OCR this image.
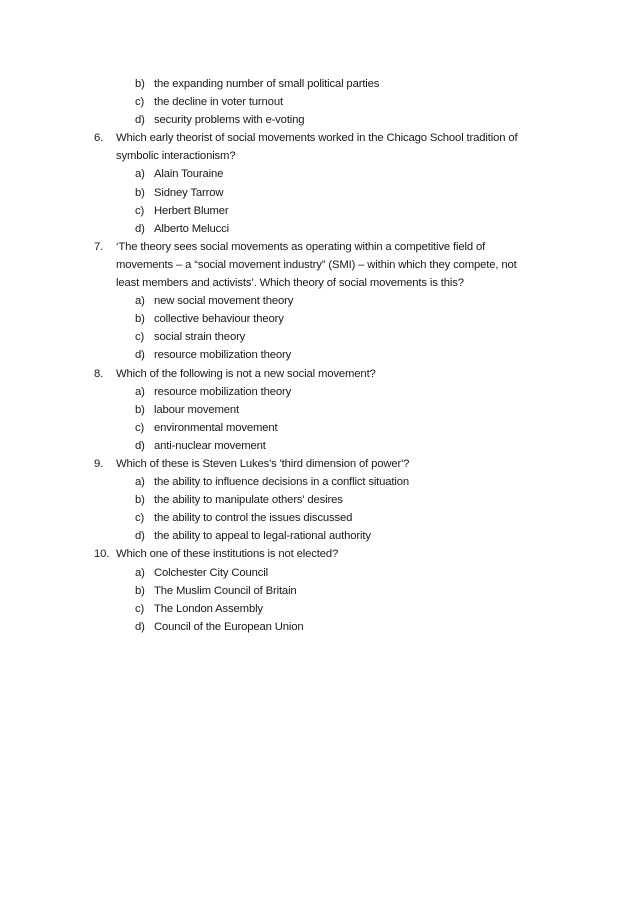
b) the expanding number of small political parties
c) the decline in voter turnout
d) security problems with e-voting
6. Which early theorist of social movements worked in the Chicago School tradition of
symbolic interactionism?
a) Alain Touraine
b) Sidney Tarrow
c) Herbert Blumer
d) Alberto Melucci
7. ‘The theory sees social movements as operating within a competitive field of
movements – a “social movement industry” (SMI) – within which they compete, not
least members and activists’. Which theory of social movements is this?
a) new social movement theory
b) collective behaviour theory
c) social strain theory
d) resource mobilization theory
8. Which of the following is not a new social movement?
a) resource mobilization theory
b) labour movement
c) environmental movement
d) anti-nuclear movement
9. Which of these is Steven Lukes's 'third dimension of power'?
a) the ability to influence decisions in a conflict situation
b) the ability to manipulate others' desires
c) the ability to control the issues discussed
d) the ability to appeal to legal-rational authority
10. Which one of these institutions is not elected?
a) Colchester City Council
b) The Muslim Council of Britain
c) The London Assembly
d) Council of the European Union
